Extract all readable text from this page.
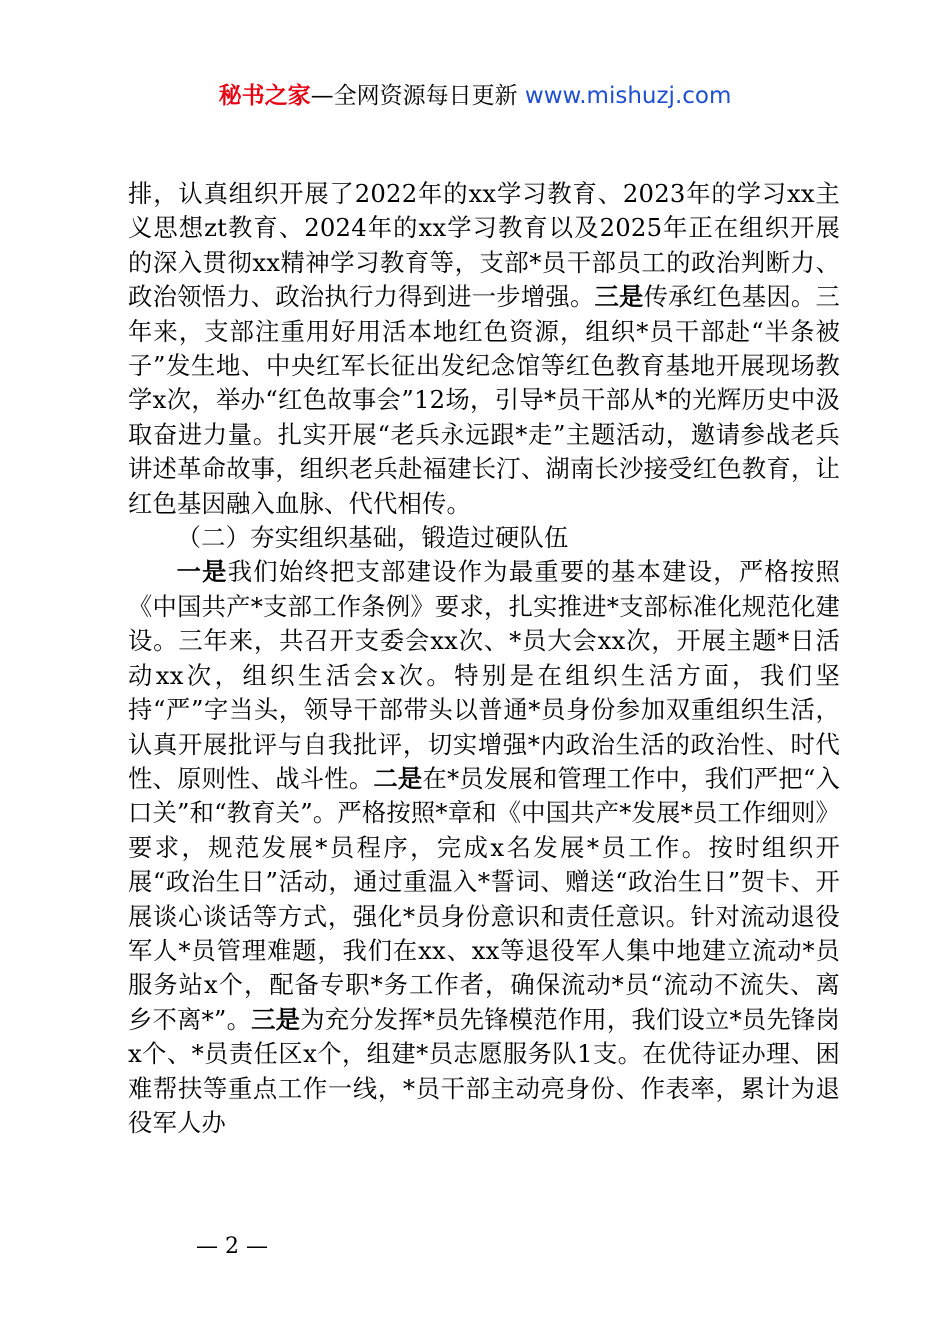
秘书之家—全网资源每日更新 www.mishuzj.com

排，认真组织开展了2022年的xx学习教育、2023年的学习xx主义思想zt教育、2024年的xx学习教育以及2025年正在组织开展的深入贯彻xx精神学习教育等，支部*员干部员工的政治判断力、政治领悟力、政治执行力得到进一步增强。三是传承红色基因。三年来，支部注重用好用活本地红色资源，组织*员干部赴“半条被子”发生地、中央红军长征出发纪念馆等红色教育基地开展现场教学x次，举办“红色故事会”12场，引导*员干部从*的光辉历史中汲取奋进力量。扎实开展“老兵永远跟*走”主题活动，邀请参战老兵讲述革命故事，组织老兵赴福建长汀、湖南长沙接受红色教育，让红色基因融入血脉、代代相传。

（二）夯实组织基础，锻造过硬队伍

一是我们始终把支部建设作为最重要的基本建设，严格按照《中国共产*支部工作条例》要求，扎实推进*支部标准化规范化建设。三年来，共召开支委会xx次、*员大会xx次，开展主题*日活动xx次，组织生活会x次。特别是在组织生活方面，我们坚持“严”字当头，领导干部带头以普通*员身份参加双重组织生活，认真开展批评与自我批评，切实增强*内政治生活的政治性、时代性、原则性、战斗性。二是在*员发展和管理工作中，我们严把“入口关”和“教育关”。严格按照*章和《中国共产*发展*员工作细则》要求，规范发展*员程序，完成x名发展*员工作。按时组织开展“政治生日”活动，通过重温入*誓词、赠送“政治生日”贺卡、开展谈心谈话等方式，强化*员身份意识和责任意识。针对流动退役军人*员管理难题，我们在xx、xx等退役军人集中地建立流动*员服务站x个，配备专职*务工作者，确保流动*员“流动不流失、离乡不离*”。三是为充分发挥*员先锋模范作用，我们设立*员先锋岗x个、*员责任区x个，组建*员志愿服务队1支。在优待证办理、困难帮扶等重点工作一线，*员干部主动亮身份、作表率，累计为退役军人办

— 2 —
